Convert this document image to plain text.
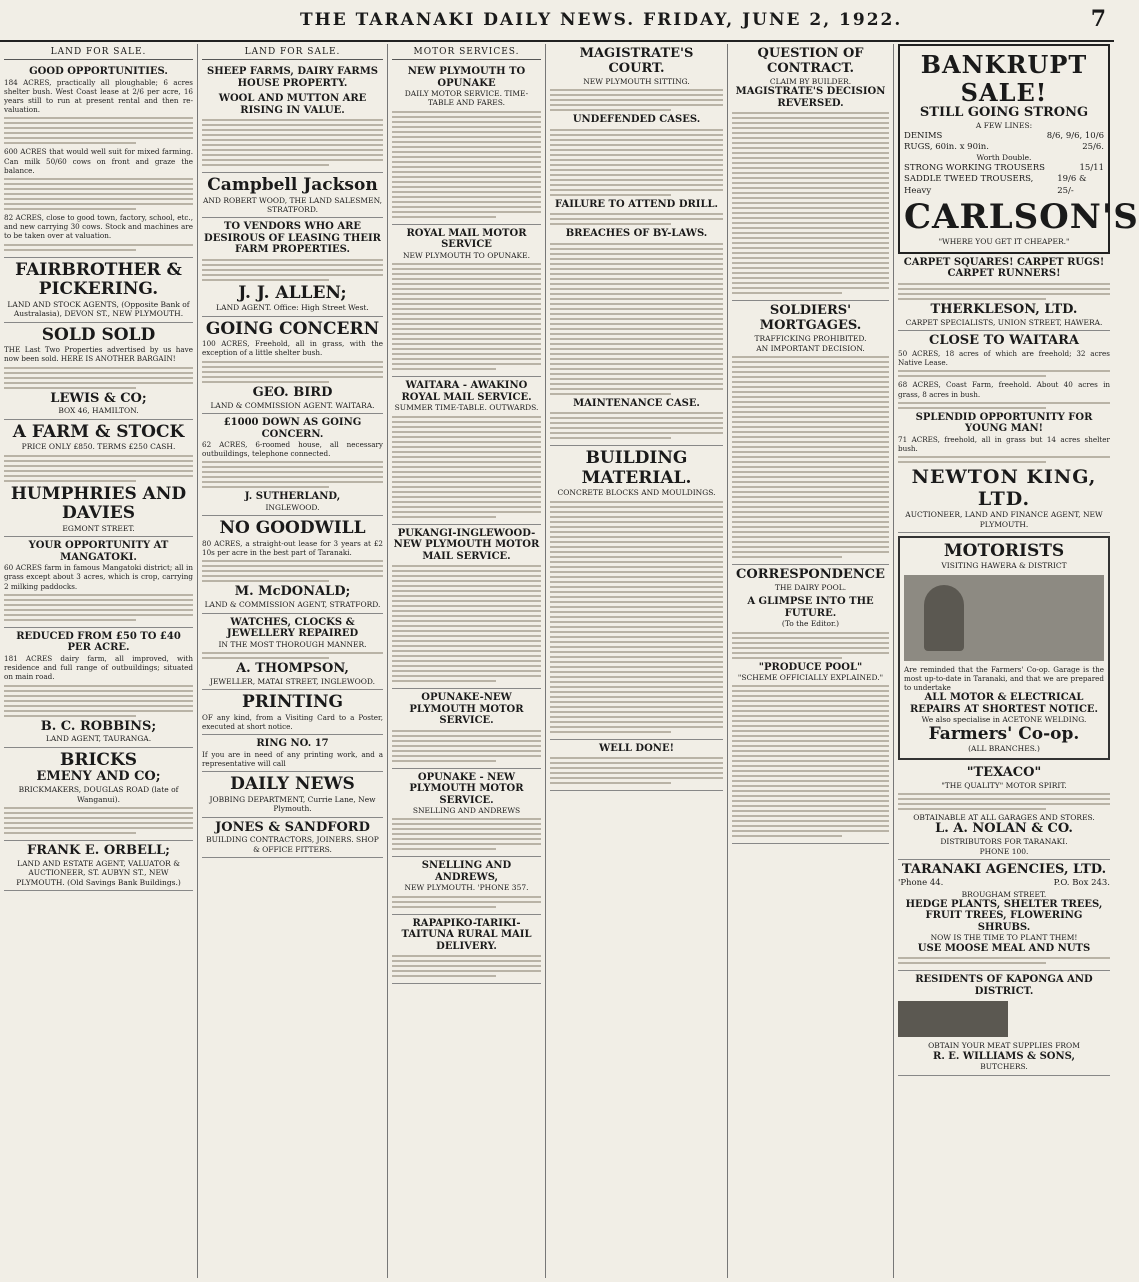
THE TARANAKI DAILY NEWS. FRIDAY, JUNE 2, 1922.	7
LAND FOR SALE.
GOOD OPPORTUNITIES.
184 ACRES, practically all ploughable; 6 acres shelter bush. West Coast lease at 2/6 per acre, 16 years still to run at present rental and then re-valuation.
600 ACRES that would well suit for mixed farming. Can milk 50/60 cows on front and graze the balance.
82 ACRES, close to good town, factory, school, etc., and new carrying 30 cows. Stock and machines are to be taken over at valuation.
FAIRBROTHER & PICKERING.
LAND AND STOCK AGENTS, (Opposite Bank of Australasia), DEVON ST., NEW PLYMOUTH.
SOLD SOLD
THE Last Two Properties advertised by us have now been sold. HERE IS ANOTHER BARGAIN!
LEWIS & CO;
BOX 46, HAMILTON.
A FARM & STOCK
PRICE ONLY £850. TERMS £250 CASH.
HUMPHRIES AND DAVIES
EGMONT STREET.
YOUR OPPORTUNITY AT MANGATOKI.
60 ACRES farm in famous Mangatoki district; all in grass except about 3 acres, which is crop, carrying 2 milking paddocks.
REDUCED FROM £50 TO £40 PER ACRE.
181 ACRES dairy farm, all improved, with residence and full range of outbuildings; situated on main road.
B. C. ROBBINS;
LAND AGENT, TAURANGA.
BRICKS
EMENY AND CO;
BRICKMAKERS, DOUGLAS ROAD (late of Wanganui).
FRANK E. ORBELL;
LAND AND ESTATE AGENT, VALUATOR & AUCTIONEER, ST. AUBYN ST., NEW PLYMOUTH. (Old Savings Bank Buildings.)
LAND FOR SALE.
SHEEP FARMS, DAIRY FARMS HOUSE PROPERTY.
WOOL AND MUTTON ARE RISING IN VALUE.
Campbell Jackson
AND ROBERT WOOD, THE LAND SALESMEN, STRATFORD.
TO VENDORS WHO ARE DESIROUS OF LEASING THEIR FARM PROPERTIES.
J. J. ALLEN;
LAND AGENT. Office: High Street West.
GOING CONCERN
100 ACRES, Freehold, all in grass, with the exception of a little shelter bush.
GEO. BIRD
LAND & COMMISSION AGENT. WAITARA.
£1000 DOWN AS GOING CONCERN.
62 ACRES, 6-roomed house, all necessary outbuildings, telephone connected.
J. SUTHERLAND,
INGLEWOOD.
NO GOODWILL
80 ACRES, a straight-out lease for 3 years at £2 10s per acre in the best part of Taranaki.
M. McDONALD;
LAND & COMMISSION AGENT, STRATFORD.
WATCHES, CLOCKS & JEWELLERY REPAIRED
IN THE MOST THOROUGH MANNER.
A. THOMPSON,
JEWELLER, MATAI STREET, INGLEWOOD.
PRINTING
OF any kind, from a Visiting Card to a Poster, executed at short notice.
RING NO. 17
If you are in need of any printing work, and a representative will call
DAILY NEWS
JOBBING DEPARTMENT, Currie Lane, New Plymouth.
JONES & SANDFORD
BUILDING CONTRACTORS, JOINERS. SHOP & OFFICE FITTERS.
MOTOR SERVICES.
NEW PLYMOUTH TO OPUNAKE
DAILY MOTOR SERVICE. TIME-TABLE AND FARES.
ROYAL MAIL MOTOR SERVICE
NEW PLYMOUTH TO OPUNAKE.
WAITARA - AWAKINO ROYAL MAIL SERVICE.
SUMMER TIME-TABLE. OUTWARDS.
PUKANGI-INGLEWOOD-NEW PLYMOUTH MOTOR MAIL SERVICE.
OPUNAKE-NEW PLYMOUTH MOTOR SERVICE.
OPUNAKE - NEW PLYMOUTH MOTOR SERVICE.
SNELLING AND ANDREWS
SNELLING AND ANDREWS,
NEW PLYMOUTH. 'PHONE 357.
RAPAPIKO-TARIKI-TAITUNA RURAL MAIL DELIVERY.
MAGISTRATE'S COURT.
NEW PLYMOUTH SITTING.
UNDEFENDED CASES.
FAILURE TO ATTEND DRILL.
BREACHES OF BY-LAWS.
MAINTENANCE CASE.
BUILDING MATERIAL.
CONCRETE BLOCKS AND MOULDINGS.
WELL DONE!
QUESTION OF CONTRACT.
CLAIM BY BUILDER.
MAGISTRATE'S DECISION REVERSED.
SOLDIERS' MORTGAGES.
TRAFFICKING PROHIBITED.
AN IMPORTANT DECISION.
CORRESPONDENCE
THE DAIRY POOL.
A GLIMPSE INTO THE FUTURE.
(To the Editor.)
"PRODUCE POOL"
"SCHEME OFFICIALLY EXPLAINED."
BANKRUPT SALE!
STILL GOING STRONG
A FEW LINES:
DENIMS	8/6, 9/6, 10/6
RUGS, 60in. x 90in.	25/6.
Worth Double.
STRONG WORKING TROUSERS	15/11
SADDLE TWEED TROUSERS, Heavy
19/6 & 25/-
CARLSON'S
"WHERE YOU GET IT CHEAPER."
CARPET SQUARES! CARPET RUGS! CARPET RUNNERS!
THERKLESON, LTD.
CARPET SPECIALISTS, UNION STREET, HAWERA.
CLOSE TO WAITARA
50 ACRES, 18 acres of which are freehold; 32 acres Native Lease.
68 ACRES, Coast Farm, freehold. About 40 acres in grass, 8 acres in bush.
SPLENDID OPPORTUNITY FOR YOUNG MAN!
71 ACRES, freehold, all in grass but 14 acres shelter bush.
NEWTON KING, LTD.
AUCTIONEER, LAND AND FINANCE AGENT, NEW PLYMOUTH.
MOTORISTS
VISITING HAWERA & DISTRICT
Are reminded that the Farmers' Co-op. Garage is the most up-to-date in Taranaki, and that we are prepared to undertake
ALL MOTOR & ELECTRICAL REPAIRS AT SHORTEST NOTICE.
We also specialise in ACETONE WELDING.
Farmers' Co-op.
(ALL BRANCHES.)
"TEXACO"
"THE QUALITY" MOTOR SPIRIT.
OBTAINABLE AT ALL GARAGES AND STORES.
L. A. NOLAN & CO.
DISTRIBUTORS FOR TARANAKI.
PHONE 100.
TARANAKI AGENCIES, LTD.
'Phone 44.	P.O. Box 243.
BROUGHAM STREET.
HEDGE PLANTS, SHELTER TREES, FRUIT TREES, FLOWERING SHRUBS.
NOW IS THE TIME TO PLANT THEM!
USE MOOSE MEAL AND NUTS
RESIDENTS OF KAPONGA AND DISTRICT.
OBTAIN YOUR MEAT SUPPLIES FROM
R. E. WILLIAMS & SONS,
BUTCHERS.
